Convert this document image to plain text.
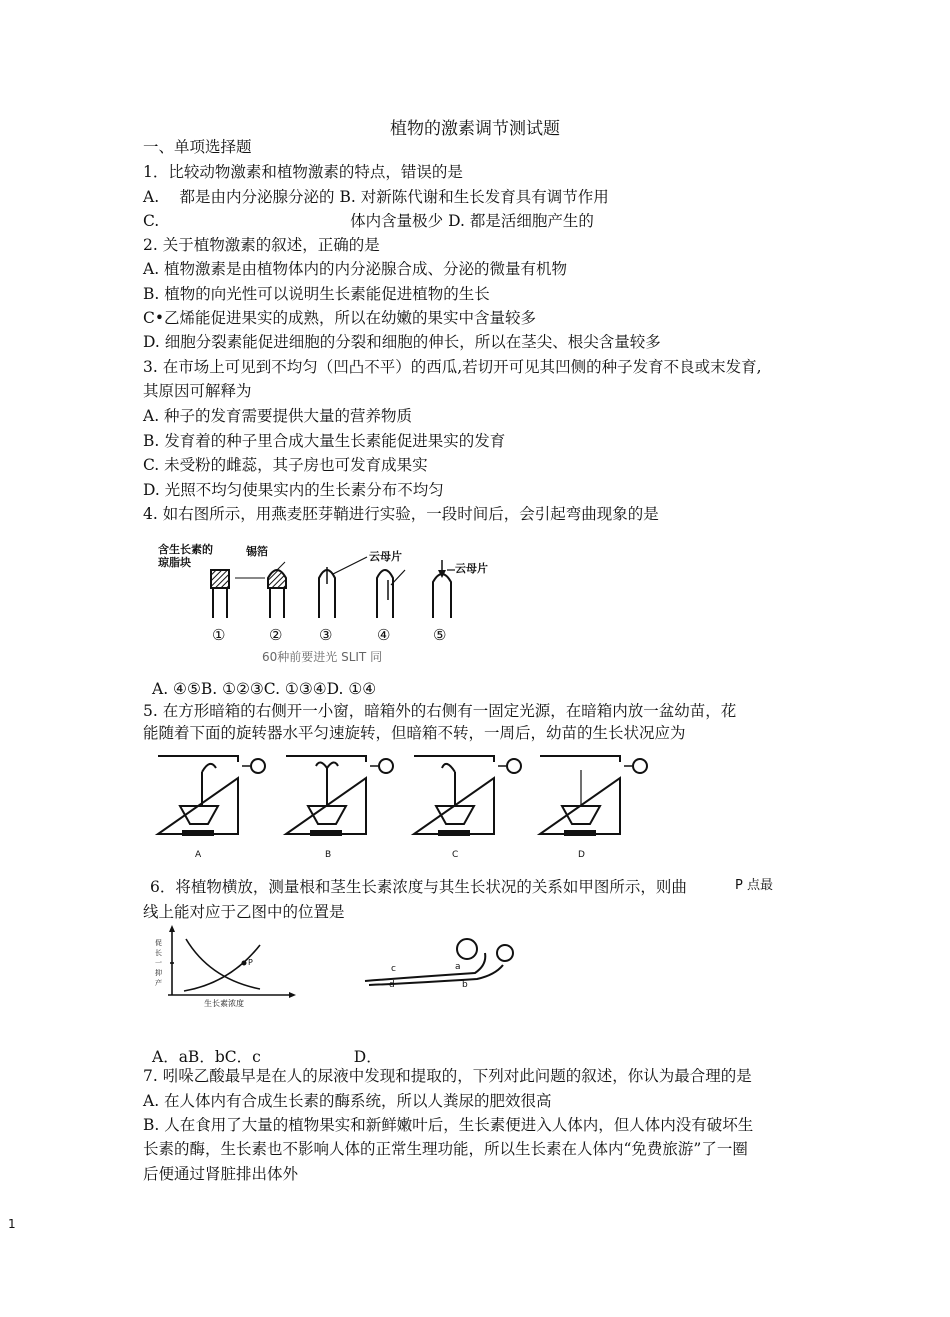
植物的激素调节测试题
一、单项选择题
1．比较动物激素和植物激素的特点，错误的是
A.　 都是由内分泌腺分泌的 B. 对新陈代谢和生长发育具有调节作用
C.　　　　　　　　　　　　 体内含量极少 D. 都是活细胞产生的
2. 关于植物激素的叙述，正确的是
A. 植物激素是由植物体内的内分泌腺合成、分泌的微量有机物
B. 植物的向光性可以说明生长素能促进植物的生长
C•乙烯能促进果实的成熟，所以在幼嫩的果实中含量较多
D. 细胞分裂素能促进细胞的分裂和细胞的伸长，所以在茎尖、根尖含量较多
3. 在市场上可见到不均匀（凹凸不平）的西瓜,若切开可见其凹侧的种子发育不良或末发育,
其原因可解释为
A. 种子的发育需要提供大量的营养物质
B. 发育着的种子里合成大量生长素能促进果实的发育
C. 未受粉的雌蕊，其子房也可发育成果实
D. 光照不均匀使果实内的生长素分布不均匀
4. 如右图所示，用燕麦胚芽鞘进行实验，一段时间后，会引起弯曲现象的是
①	② ③	④	⑤
含生长素的琼脂块
锡箔	云母片
云母片
60种前要进光 SLIT 同
A. ④⑤B. ①②③C. ①③④D. ①④
5. 在方形暗箱的右侧开一小窗，暗箱外的右侧有一固定光源，在暗箱内放一盆幼苗，花
能随着下面的旋转器水平匀速旋转，但暗箱不转，一周后，幼苗的生长状况应为
A	B	C	D
6．将植物横放，测量根和茎生长素浓度与其生长状况的关系如甲图所示，则曲	P 点最
线上能对应于乙图中的位置是
促
长
一
抑
产
生长素浓度
P
c	a
d	b
A．aB．bC．c　　　　　　D．
7. 吲哚乙酸最早是在人的尿液中发现和提取的，下列对此问题的叙述，你认为最合理的是
A. 在人体内有合成生长素的酶系统，所以人粪尿的肥效很高
B. 人在食用了大量的植物果实和新鲜嫩叶后，生长素便进入人体内，但人体内没有破坏生
长素的酶，生长素也不影响人体的正常生理功能，所以生长素在人体内“免费旅游”了一圈
后便通过肾脏排出体外
1
